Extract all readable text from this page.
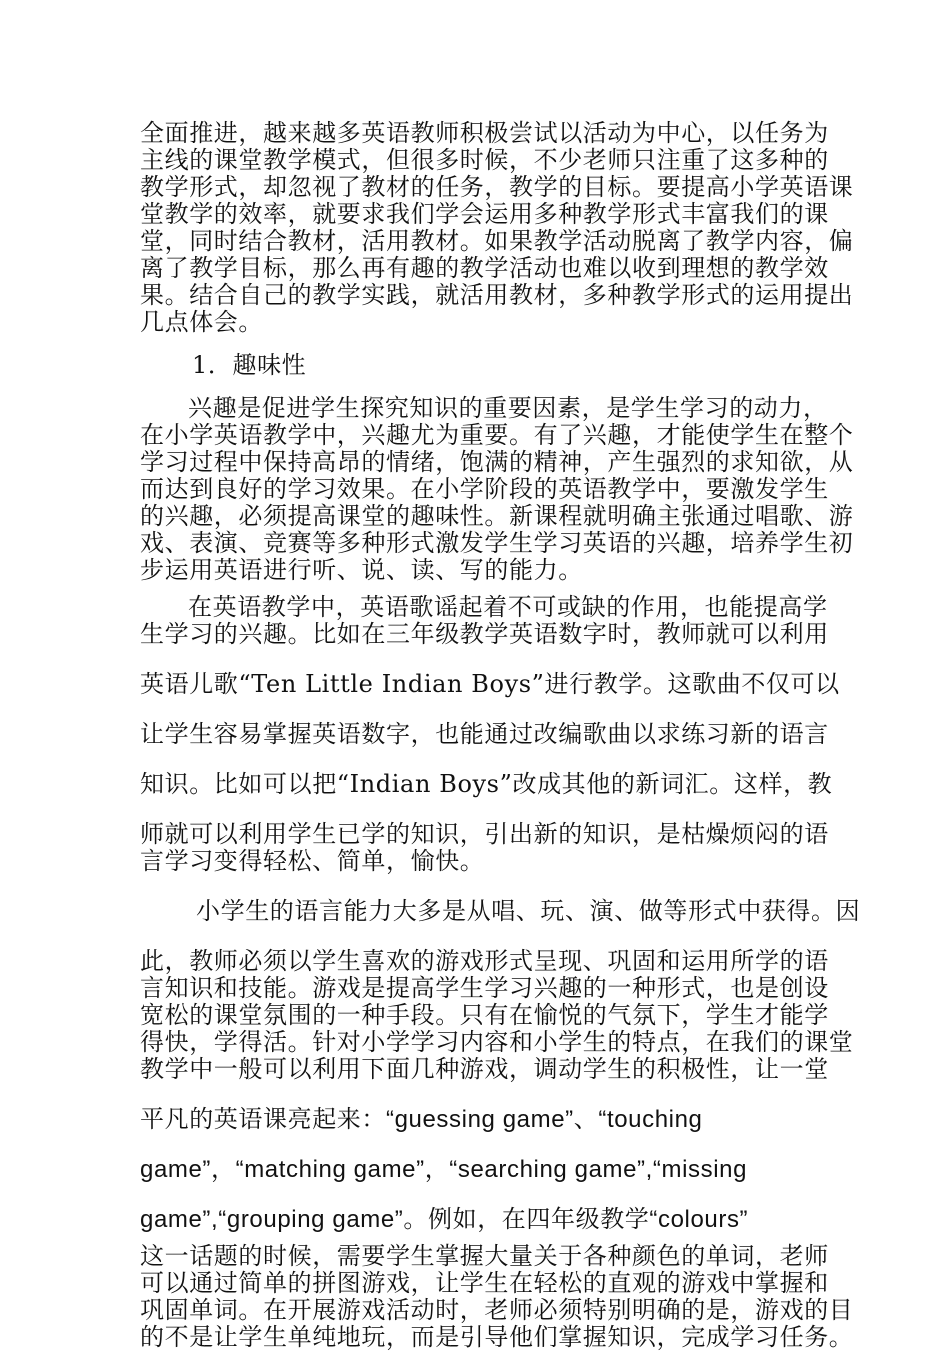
全面推进，越来越多英语教师积极尝试以活动为中心，以任务为
主线的课堂教学模式，但很多时候，不少老师只注重了这多种的
教学形式，却忽视了教材的任务，教学的目标。要提高小学英语课
堂教学的效率，就要求我们学会运用多种教学形式丰富我们的课
堂，同时结合教材，活用教材。如果教学活动脱离了教学内容，偏
离了教学目标，那么再有趣的教学活动也难以收到理想的教学效
果。结合自己的教学实践，就活用教材，多种教学形式的运用提出
几点体会。
1．趣味性
兴趣是促进学生探究知识的重要因素，是学生学习的动力，
在小学英语教学中，兴趣尤为重要。有了兴趣，才能使学生在整个
学习过程中保持高昂的情绪，饱满的精神，产生强烈的求知欲，从
而达到良好的学习效果。在小学阶段的英语教学中，要激发学生
的兴趣，必须提高课堂的趣味性。新课程就明确主张通过唱歌、游
戏、表演、竞赛等多种形式激发学生学习英语的兴趣，培养学生初
步运用英语进行听、说、读、写的能力。
在英语教学中，英语歌谣起着不可或缺的作用，也能提高学
生学习的兴趣。比如在三年级教学英语数字时，教师就可以利用
英语儿歌“Ten Little Indian Boys”进行教学。这歌曲不仅可以
让学生容易掌握英语数字，也能通过改编歌曲以求练习新的语言
知识。比如可以把“Indian Boys”改成其他的新词汇。这样，教
师就可以利用学生已学的知识，引出新的知识，是枯燥烦闷的语
言学习变得轻松、简单，愉快。
小学生的语言能力大多是从唱、玩、演、做等形式中获得。因
此，教师必须以学生喜欢的游戏形式呈现、巩固和运用所学的语
言知识和技能。游戏是提高学生学习兴趣的一种形式，也是创设
宽松的课堂氛围的一种手段。只有在愉悦的气氛下，学生才能学
得快，学得活。针对小学学习内容和小学生的特点，在我们的课堂
教学中一般可以利用下面几种游戏，调动学生的积极性，让一堂
平凡的英语课亮起来：“guessing game”、“touching
game”，“matching game”，“searching game”,“missing
game”,“grouping game”。例如，在四年级教学“colours”
这一话题的时候，需要学生掌握大量关于各种颜色的单词，老师
可以通过简单的拼图游戏，让学生在轻松的直观的游戏中掌握和
巩固单词。在开展游戏活动时，老师必须特别明确的是，游戏的目
的不是让学生单纯地玩，而是引导他们掌握知识，完成学习任务。
